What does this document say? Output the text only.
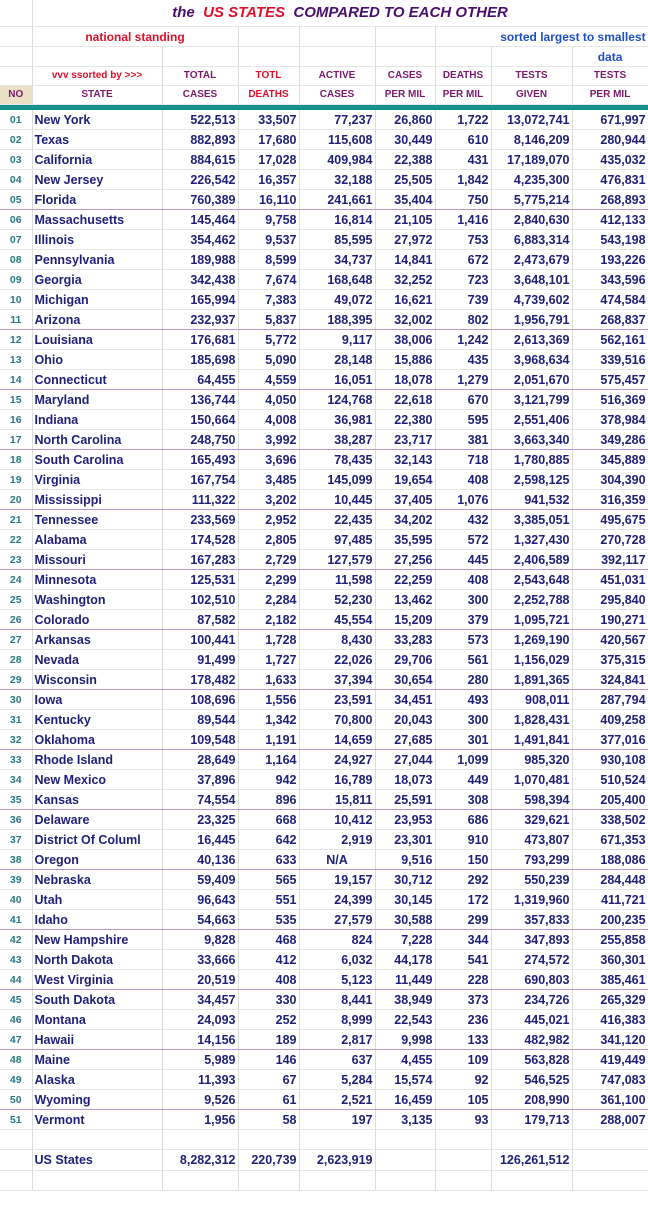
	the US STATES COMPARED TO EACH OTHER							
	national standing					sorted largest to smallest		
								data
	vvv ssorted by >>>	TOTAL	TOTL	ACTIVE	CASES	DEATHS	TESTS	TESTS
NO	STATE	CASES	DEATHS	CASES	PER MIL	PER MIL	GIVEN	PER MIL

01	New York	522,513	33,507	77,237	26,860	1,722	13,072,741	671,997
02	Texas	882,893	17,680	115,608	30,449	610	8,146,209	280,944
03	California	884,615	17,028	409,984	22,388	431	17,189,070	435,032
04	New Jersey	226,542	16,357	32,188	25,505	1,842	4,235,300	476,831
05	Florida	760,389	16,110	241,661	35,404	750	5,775,214	268,893
06	Massachusetts	145,464	9,758	16,814	21,105	1,416	2,840,630	412,133
07	Illinois	354,462	9,537	85,595	27,972	753	6,883,314	543,198
08	Pennsylvania	189,988	8,599	34,737	14,841	672	2,473,679	193,226
09	Georgia	342,438	7,674	168,648	32,252	723	3,648,101	343,596
10	Michigan	165,994	7,383	49,072	16,621	739	4,739,602	474,584
11	Arizona	232,937	5,837	188,395	32,002	802	1,956,791	268,837
12	Louisiana	176,681	5,772	9,117	38,006	1,242	2,613,369	562,161
13	Ohio	185,698	5,090	28,148	15,886	435	3,968,634	339,516
14	Connecticut	64,455	4,559	16,051	18,078	1,279	2,051,670	575,457
15	Maryland	136,744	4,050	124,768	22,618	670	3,121,799	516,369
16	Indiana	150,664	4,008	36,981	22,380	595	2,551,406	378,984
17	North Carolina	248,750	3,992	38,287	23,717	381	3,663,340	349,286
18	South Carolina	165,493	3,696	78,435	32,143	718	1,780,885	345,889
19	Virginia	167,754	3,485	145,099	19,654	408	2,598,125	304,390
20	Mississippi	111,322	3,202	10,445	37,405	1,076	941,532	316,359
21	Tennessee	233,569	2,952	22,435	34,202	432	3,385,051	495,675
22	Alabama	174,528	2,805	97,485	35,595	572	1,327,430	270,728
23	Missouri	167,283	2,729	127,579	27,256	445	2,406,589	392,117
24	Minnesota	125,531	2,299	11,598	22,259	408	2,543,648	451,031
25	Washington	102,510	2,284	52,230	13,462	300	2,252,788	295,840
26	Colorado	87,582	2,182	45,554	15,209	379	1,095,721	190,271
27	Arkansas	100,441	1,728	8,430	33,283	573	1,269,190	420,567
28	Nevada	91,499	1,727	22,026	29,706	561	1,156,029	375,315
29	Wisconsin	178,482	1,633	37,394	30,654	280	1,891,365	324,841
30	Iowa	108,696	1,556	23,591	34,451	493	908,011	287,794
31	Kentucky	89,544	1,342	70,800	20,043	300	1,828,431	409,258
32	Oklahoma	109,548	1,191	14,659	27,685	301	1,491,841	377,016
33	Rhode Island	28,649	1,164	24,927	27,044	1,099	985,320	930,108
34	New Mexico	37,896	942	16,789	18,073	449	1,070,481	510,524
35	Kansas	74,554	896	15,811	25,591	308	598,394	205,400
36	Delaware	23,325	668	10,412	23,953	686	329,621	338,502
37	District Of Columl	16,445	642	2,919	23,301	910	473,807	671,353
38	Oregon	40,136	633	N/A	9,516	150	793,299	188,086
39	Nebraska	59,409	565	19,157	30,712	292	550,239	284,448
40	Utah	96,643	551	24,399	30,145	172	1,319,960	411,721
41	Idaho	54,663	535	27,579	30,588	299	357,833	200,235
42	New Hampshire	9,828	468	824	7,228	344	347,893	255,858
43	North Dakota	33,666	412	6,032	44,178	541	274,572	360,301
44	West Virginia	20,519	408	5,123	11,449	228	690,803	385,461
45	South Dakota	34,457	330	8,441	38,949	373	234,726	265,329
46	Montana	24,093	252	8,999	22,543	236	445,021	416,383
47	Hawaii	14,156	189	2,817	9,998	133	482,982	341,120
48	Maine	5,989	146	637	4,455	109	563,828	419,449
49	Alaska	11,393	67	5,284	15,574	92	546,525	747,083
50	Wyoming	9,526	61	2,521	16,459	105	208,990	361,100
51	Vermont	1,956	58	197	3,135	93	179,713	288,007

	US States	8,282,312	220,739	2,623,919			126,261,512	
